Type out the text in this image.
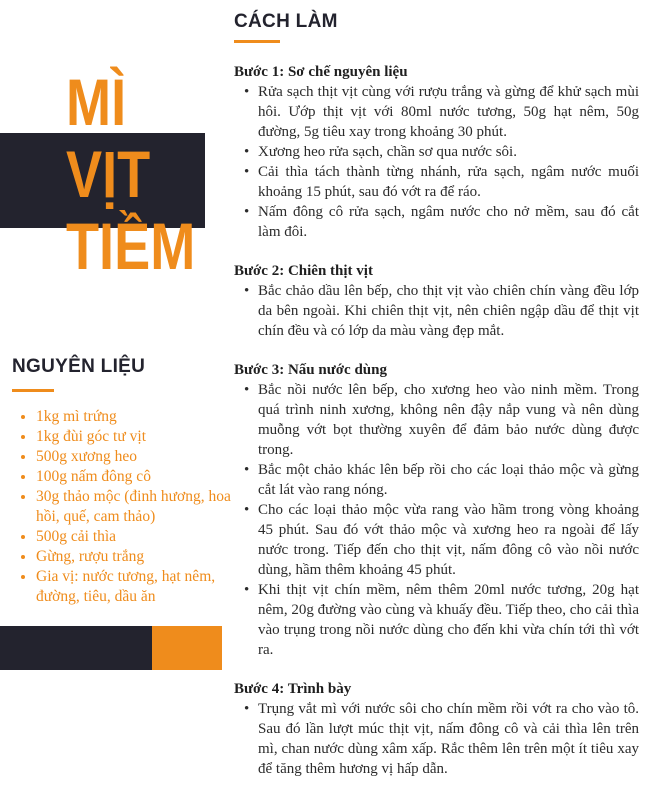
MÌ
VỊT
TIỀM
NGUYÊN LIỆU
• 1kg mì trứng
• 1kg đùi góc tư vịt
• 500g xương heo
• 100g nấm đông cô
• 30g thảo mộc (đinh hương, hoa hồi, quế, cam thảo)
• 500g cải thìa
• Gừng, rượu trắng
• Gia vị: nước tương, hạt nêm, đường, tiêu, dầu ăn
CÁCH LÀM

Bước 1: Sơ chế nguyên liệu

• Rửa sạch thịt vịt cùng với rượu trắng và gừng để khử sạch mùi hôi. Ướp thịt vịt với 80ml nước tương, 50g hạt nêm, 50g đường, 5g tiêu xay trong khoảng 30 phút.
• Xương heo rửa sạch, chần sơ qua nước sôi.
• Cải thìa tách thành từng nhánh, rửa sạch, ngâm nước muối khoảng 15 phút, sau đó vớt ra để ráo.
• Nấm đông cô rửa sạch, ngâm nước cho nở mềm, sau đó cắt làm đôi.

Bước 2: Chiên thịt vịt

• Bắc chảo dầu lên bếp, cho thịt vịt vào chiên chín vàng đều lớp da bên ngoài. Khi chiên thịt vịt, nên chiên ngập dầu để thịt vịt chín đều và có lớp da màu vàng đẹp mắt.

Bước 3: Nấu nước dùng

• Bắc nồi nước lên bếp, cho xương heo vào ninh mềm. Trong quá trình ninh xương, không nên đậy nắp vung và nên dùng muỗng vớt bọt thường xuyên để đảm bảo nước dùng được trong.
• Bắc một chảo khác lên bếp rồi cho các loại thảo mộc và gừng cắt lát vào rang nóng.
• Cho các loại thảo mộc vừa rang vào hầm trong vòng khoảng 45 phút. Sau đó vớt thảo mộc và xương heo ra ngoài để lấy nước trong. Tiếp đến cho thịt vịt, nấm đông cô vào nồi nước dùng, hầm thêm khoảng 45 phút.
• Khi thịt vịt chín mềm, nêm thêm 20ml nước tương, 20g hạt nêm, 20g đường vào cùng và khuấy đều. Tiếp theo, cho cải thìa vào trụng trong nồi nước dùng cho đến khi vừa chín tới thì vớt ra.

Bước 4: Trình bày

• Trụng vắt mì với nước sôi cho chín mềm rồi vớt ra cho vào tô. Sau đó lần lượt múc thịt vịt, nấm đông cô và cải thìa lên trên mì, chan nước dùng xâm xấp. Rắc thêm lên trên một ít tiêu xay để tăng thêm hương vị hấp dẫn.
